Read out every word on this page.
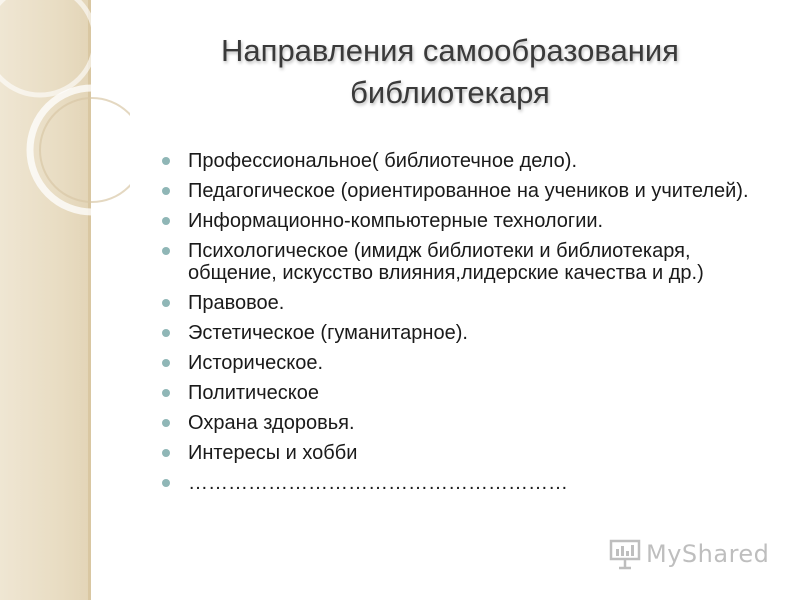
Направления самообразования
библиотекаря
Профессиональное( библиотечное дело).
Педагогическое (ориентированное на учеников и учителей).
Информационно-компьютерные технологии.
Психологическое (имидж библиотеки и библиотекаря, общение, искусство влияния,лидерские качества и др.)
Правовое.
Эстетическое (гуманитарное).
Историческое.
Политическое
Охрана здоровья.
Интересы и хобби
…………………………………………………
MyShared
